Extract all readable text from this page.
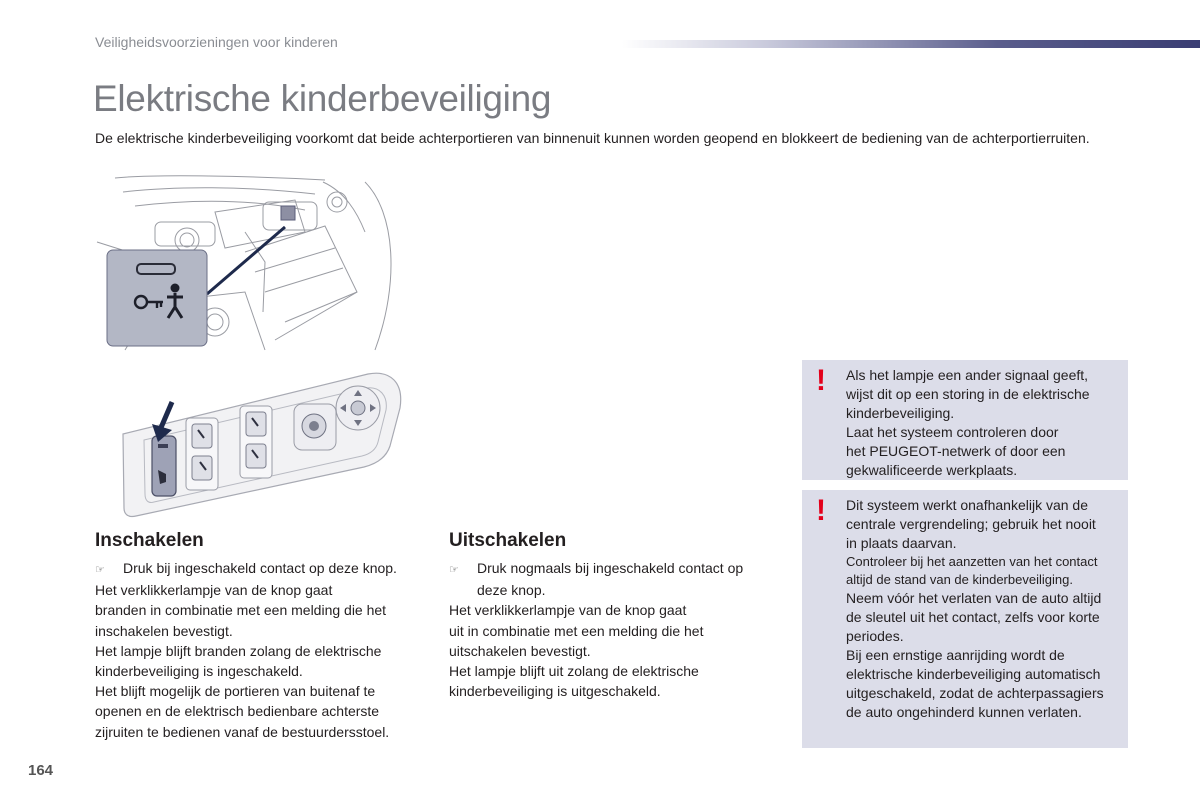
Veiligheidsvoorzieningen voor kinderen
Elektrische kinderbeveiliging

De elektrische kinderbeveiliging voorkomt dat beide achterportieren van binnenuit kunnen worden geopend en blokkeert de bediening van de achterportierruiten.

Inschakelen

☞ Druk bij ingeschakeld contact op deze knop.

Het verklikkerlampje van de knop gaat

branden in combinatie met een melding die het

inschakelen bevestigt.

Het lampje blijft branden zolang de elektrische

kinderbeveiliging is ingeschakeld.

Het blijft mogelijk de portieren van buitenaf te

openen en de elektrisch bedienbare achterste

zijruiten te bedienen vanaf de bestuurdersstoel.

Uitschakelen

☞ Druk nogmaals bij ingeschakeld contact op

deze knop.

Het verklikkerlampje van de knop gaat

uit in combinatie met een melding die het

uitschakelen bevestigt.

Het lampje blijft uit zolang de elektrische

kinderbeveiliging is uitgeschakeld.

! Als het lampje een ander signaal geeft,

wijst dit op een storing in de elektrische

kinderbeveiliging.

Laat het systeem controleren door

het PEUGEOT-netwerk of door een

gekwalificeerde werkplaats.

! Dit systeem werkt onafhankelijk van de

centrale vergrendeling; gebruik het nooit

in plaats daarvan.

Controleer bij het aanzetten van het contact

altijd de stand van de kinderbeveiliging.

Neem vóór het verlaten van de auto altijd

de sleutel uit het contact, zelfs voor korte

periodes.

Bij een ernstige aanrijding wordt de

elektrische kinderbeveiliging automatisch

uitgeschakeld, zodat de achterpassagiers

de auto ongehinderd kunnen verlaten.

164
